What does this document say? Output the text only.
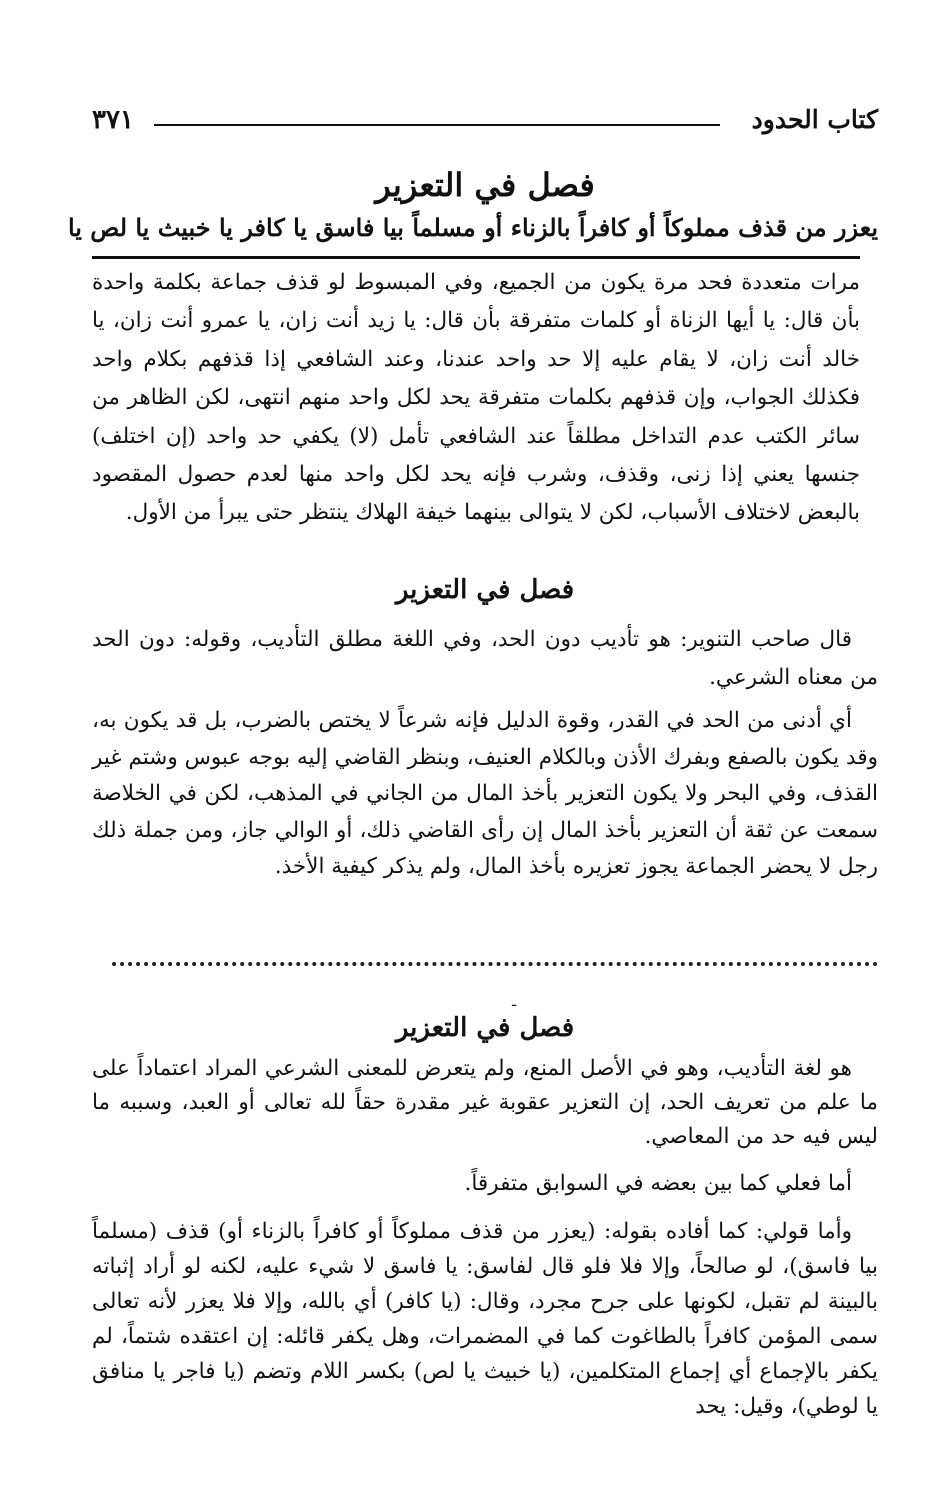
كتاب الحدود
٣٧١
فصل في التعزير
يعزر من قذف مملوكاً أو كافراً بالزناء أو مسلماً بيا فاسق يا كافر يا خبيث يا لص يا

مرات متعددة فحد مرة يكون من الجميع، وفي المبسوط لو قذف جماعة بكلمة واحدة بأن قال: يا أيها الزناة أو كلمات متفرقة بأن قال: يا زيد أنت زان، يا عمرو أنت زان، يا خالد أنت زان، لا يقام عليه إلا حد واحد عندنا، وعند الشافعي إذا قذفهم بكلام واحد فكذلك الجواب، وإن قذفهم بكلمات متفرقة يحد لكل واحد منهم انتهى، لكن الظاهر من سائر الكتب عدم التداخل مطلقاً عند الشافعي تأمل (لا) يكفي حد واحد (إن اختلف) جنسها يعني إذا زنى، وقذف، وشرب فإنه يحد لكل واحد منها لعدم حصول المقصود بالبعض لاختلاف الأسباب، لكن لا يتوالى بينهما خيفة الهلاك ينتظر حتى يبرأ من الأول.

فصل في التعزير

قال صاحب التنوير: هو تأديب دون الحد، وفي اللغة مطلق التأديب، وقوله: دون الحد من معناه الشرعي.

أي أدنى من الحد في القدر، وقوة الدليل فإنه شرعاً لا يختص بالضرب، بل قد يكون به، وقد يكون بالصفع وبفرك الأذن وبالكلام العنيف، وبنظر القاضي إليه بوجه عبوس وشتم غير القذف، وفي البحر ولا يكون التعزير بأخذ المال من الجاني في المذهب، لكن في الخلاصة سمعت عن ثقة أن التعزير بأخذ المال إن رأى القاضي ذلك، أو الوالي جاز، ومن جملة ذلك رجل لا يحضر الجماعة يجوز تعزيره بأخذ المال، ولم يذكر كيفية الأخذ.

ـ
فصل في التعزير

هو لغة التأديب، وهو في الأصل المنع، ولم يتعرض للمعنى الشرعي المراد اعتماداً على ما علم من تعريف الحد، إن التعزير عقوبة غير مقدرة حقاً لله تعالى أو العبد، وسببه ما ليس فيه حد من المعاصي.

أما فعلي كما بين بعضه في السوابق متفرقاً.

وأما قولي: كما أفاده بقوله: (يعزر من قذف مملوكاً أو كافراً بالزناء أو) قذف (مسلماً بيا فاسق)، لو صالحاً، وإلا فلا فلو قال لفاسق: يا فاسق لا شيء عليه، لكنه لو أراد إثباته بالبينة لم تقبل، لكونها على جرح مجرد، وقال: (يا كافر) أي بالله، وإلا فلا يعزر لأنه تعالى سمى المؤمن كافراً بالطاغوت كما في المضمرات، وهل يكفر قائله: إن اعتقده شتماً، لم يكفر بالإجماع أي إجماع المتكلمين، (يا خبيث يا لص) بكسر اللام وتضم (يا فاجر يا منافق يا لوطي)، وقيل: يحد
